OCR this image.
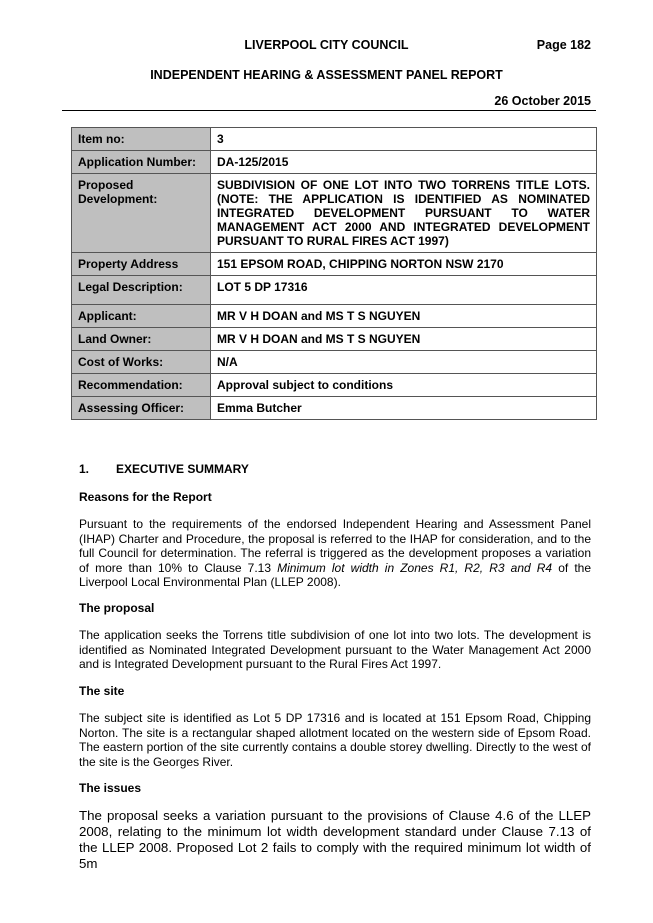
LIVERPOOL CITY COUNCIL	Page 182
INDEPENDENT HEARING & ASSESSMENT PANEL REPORT
26 October 2015
Item no:	3
Application Number:	DA-125/2015
Proposed Development:	SUBDIVISION OF ONE LOT INTO TWO TORRENS TITLE LOTS. (NOTE: THE APPLICATION IS IDENTIFIED AS NOMINATED INTEGRATED DEVELOPMENT PURSUANT TO WATER MANAGEMENT ACT 2000 AND INTEGRATED DEVELOPMENT PURSUANT TO RURAL FIRES ACT 1997)
Property Address	151 EPSOM ROAD, CHIPPING NORTON NSW 2170
Legal Description:	LOT 5 DP 17316
Applicant:	MR V H DOAN and MS T S NGUYEN
Land Owner:	MR V H DOAN and MS T S NGUYEN
Cost of Works:	N/A
Recommendation:	Approval subject to conditions
Assessing Officer:	Emma Butcher
1. EXECUTIVE SUMMARY
Reasons for the Report
Pursuant to the requirements of the endorsed Independent Hearing and Assessment Panel (IHAP) Charter and Procedure, the proposal is referred to the IHAP for consideration, and to the full Council for determination. The referral is triggered as the development proposes a variation of more than 10% to Clause 7.13 Minimum lot width in Zones R1, R2, R3 and R4 of the Liverpool Local Environmental Plan (LLEP 2008).
The proposal
The application seeks the Torrens title subdivision of one lot into two lots. The development is identified as Nominated Integrated Development pursuant to the Water Management Act 2000 and is Integrated Development pursuant to the Rural Fires Act 1997.
The site
The subject site is identified as Lot 5 DP 17316 and is located at 151 Epsom Road, Chipping Norton. The site is a rectangular shaped allotment located on the western side of Epsom Road. The eastern portion of the site currently contains a double storey dwelling. Directly to the west of the site is the Georges River.
The issues
The proposal seeks a variation pursuant to the provisions of Clause 4.6 of the LLEP 2008, relating to the minimum lot width development standard under Clause 7.13 of the LLEP 2008. Proposed Lot 2 fails to comply with the required minimum lot width of 5m
